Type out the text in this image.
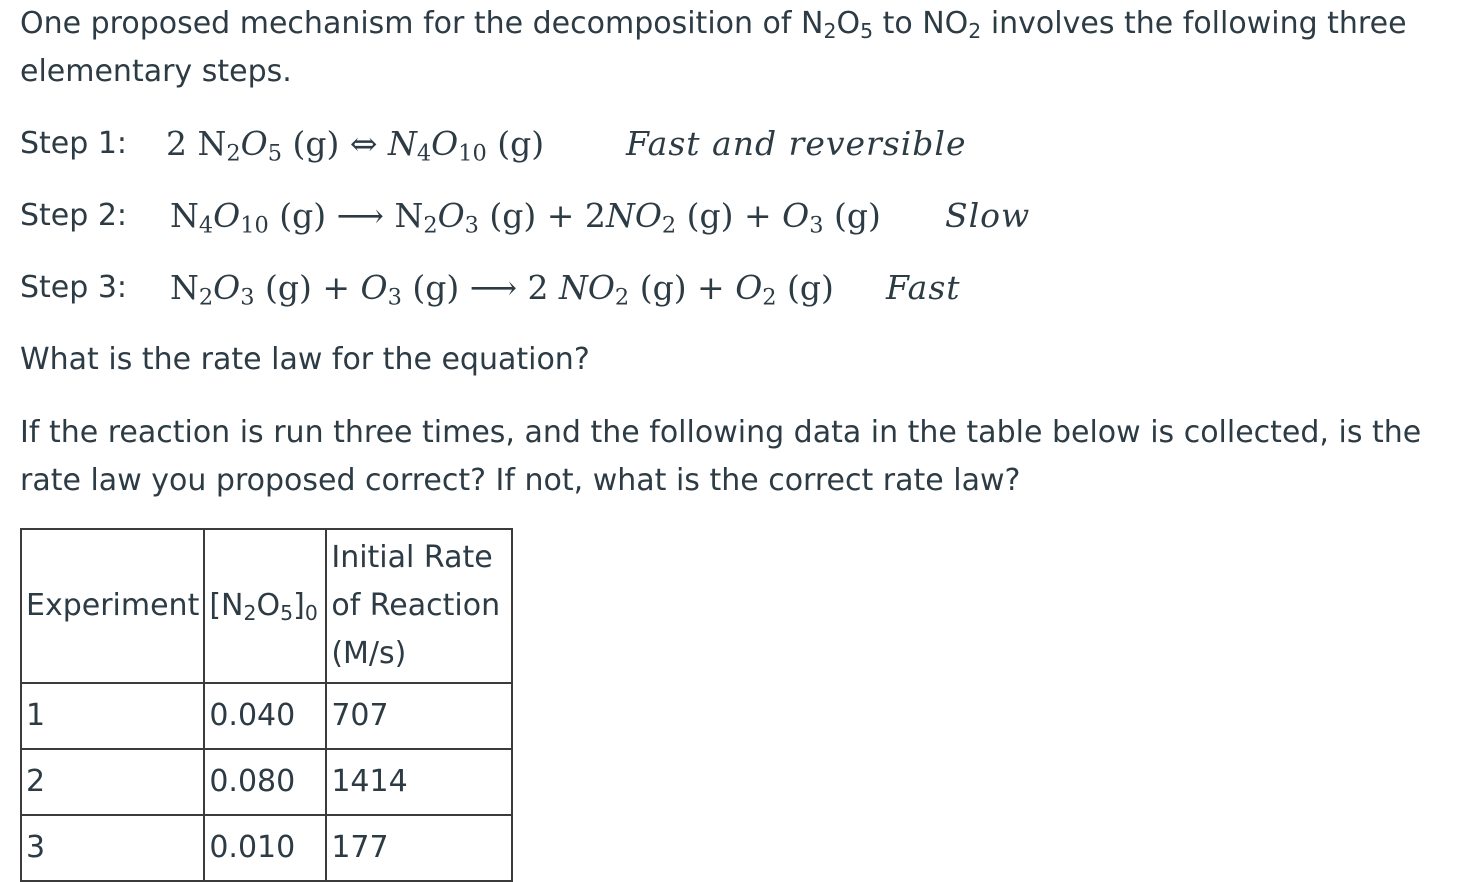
One proposed mechanism for the decomposition of $N_2O_5$ to $NO_2$ involves the following three elementary steps.

Step 1: 2 $N_2O_5$ (g) ⇔ $N_4O_{10}$ (g) Fast and reversible
Step 2: $N_4O_{10}$ (g) ⟶ $N_2O_3$ $(g) + 2NO_2$ $(g) + O_3$ (g) Slow
Step 3: $N_2O_3$ $(g) + O_3$ (g) ⟶ 2 $NO_2$ $(g) + O_2$ (g) Fast

What is the rate law for the equation?

If the reaction is run three times, and the following data in the table below is collected, is the rate law you proposed correct? If not, what is the correct rate law?

Experiment	$[N_2O_5]_0$	Initial Rate of Reaction (M/s)
1	0.040	707
2	0.080	1414
3	0.010	177
